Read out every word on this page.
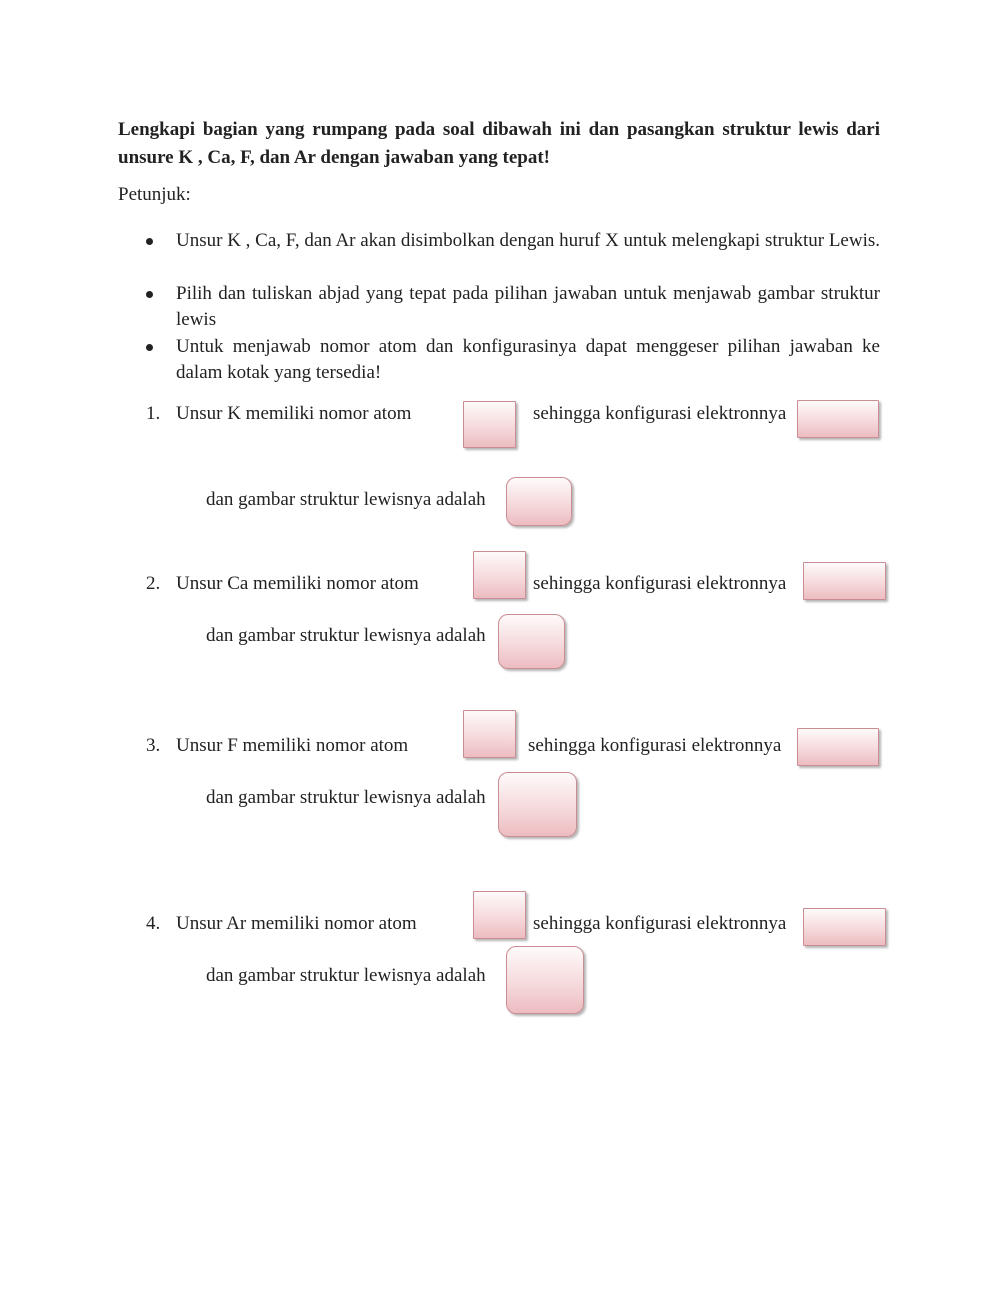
Lengkapi bagian yang rumpang pada soal dibawah ini dan pasangkan struktur lewis dari unsure K , Ca, F, dan Ar dengan jawaban yang tepat!
Petunjuk:
Unsur K , Ca, F, dan Ar akan disimbolkan dengan huruf X untuk melengkapi struktur Lewis.
Pilih dan tuliskan abjad yang tepat pada pilihan jawaban untuk menjawab gambar struktur lewis
Untuk menjawab nomor atom dan konfigurasinya dapat menggeser pilihan jawaban ke dalam kotak yang tersedia!
1. Unsur K memiliki nomor atom	sehingga konfigurasi elektronnya
dan gambar struktur lewisnya adalah
2. Unsur Ca memiliki nomor atom	sehingga konfigurasi elektronnya
dan gambar struktur lewisnya adalah
3. Unsur F memiliki nomor atom	sehingga konfigurasi elektronnya
dan gambar struktur lewisnya adalah
4. Unsur Ar memiliki nomor atom	sehingga konfigurasi elektronnya
dan gambar struktur lewisnya adalah
